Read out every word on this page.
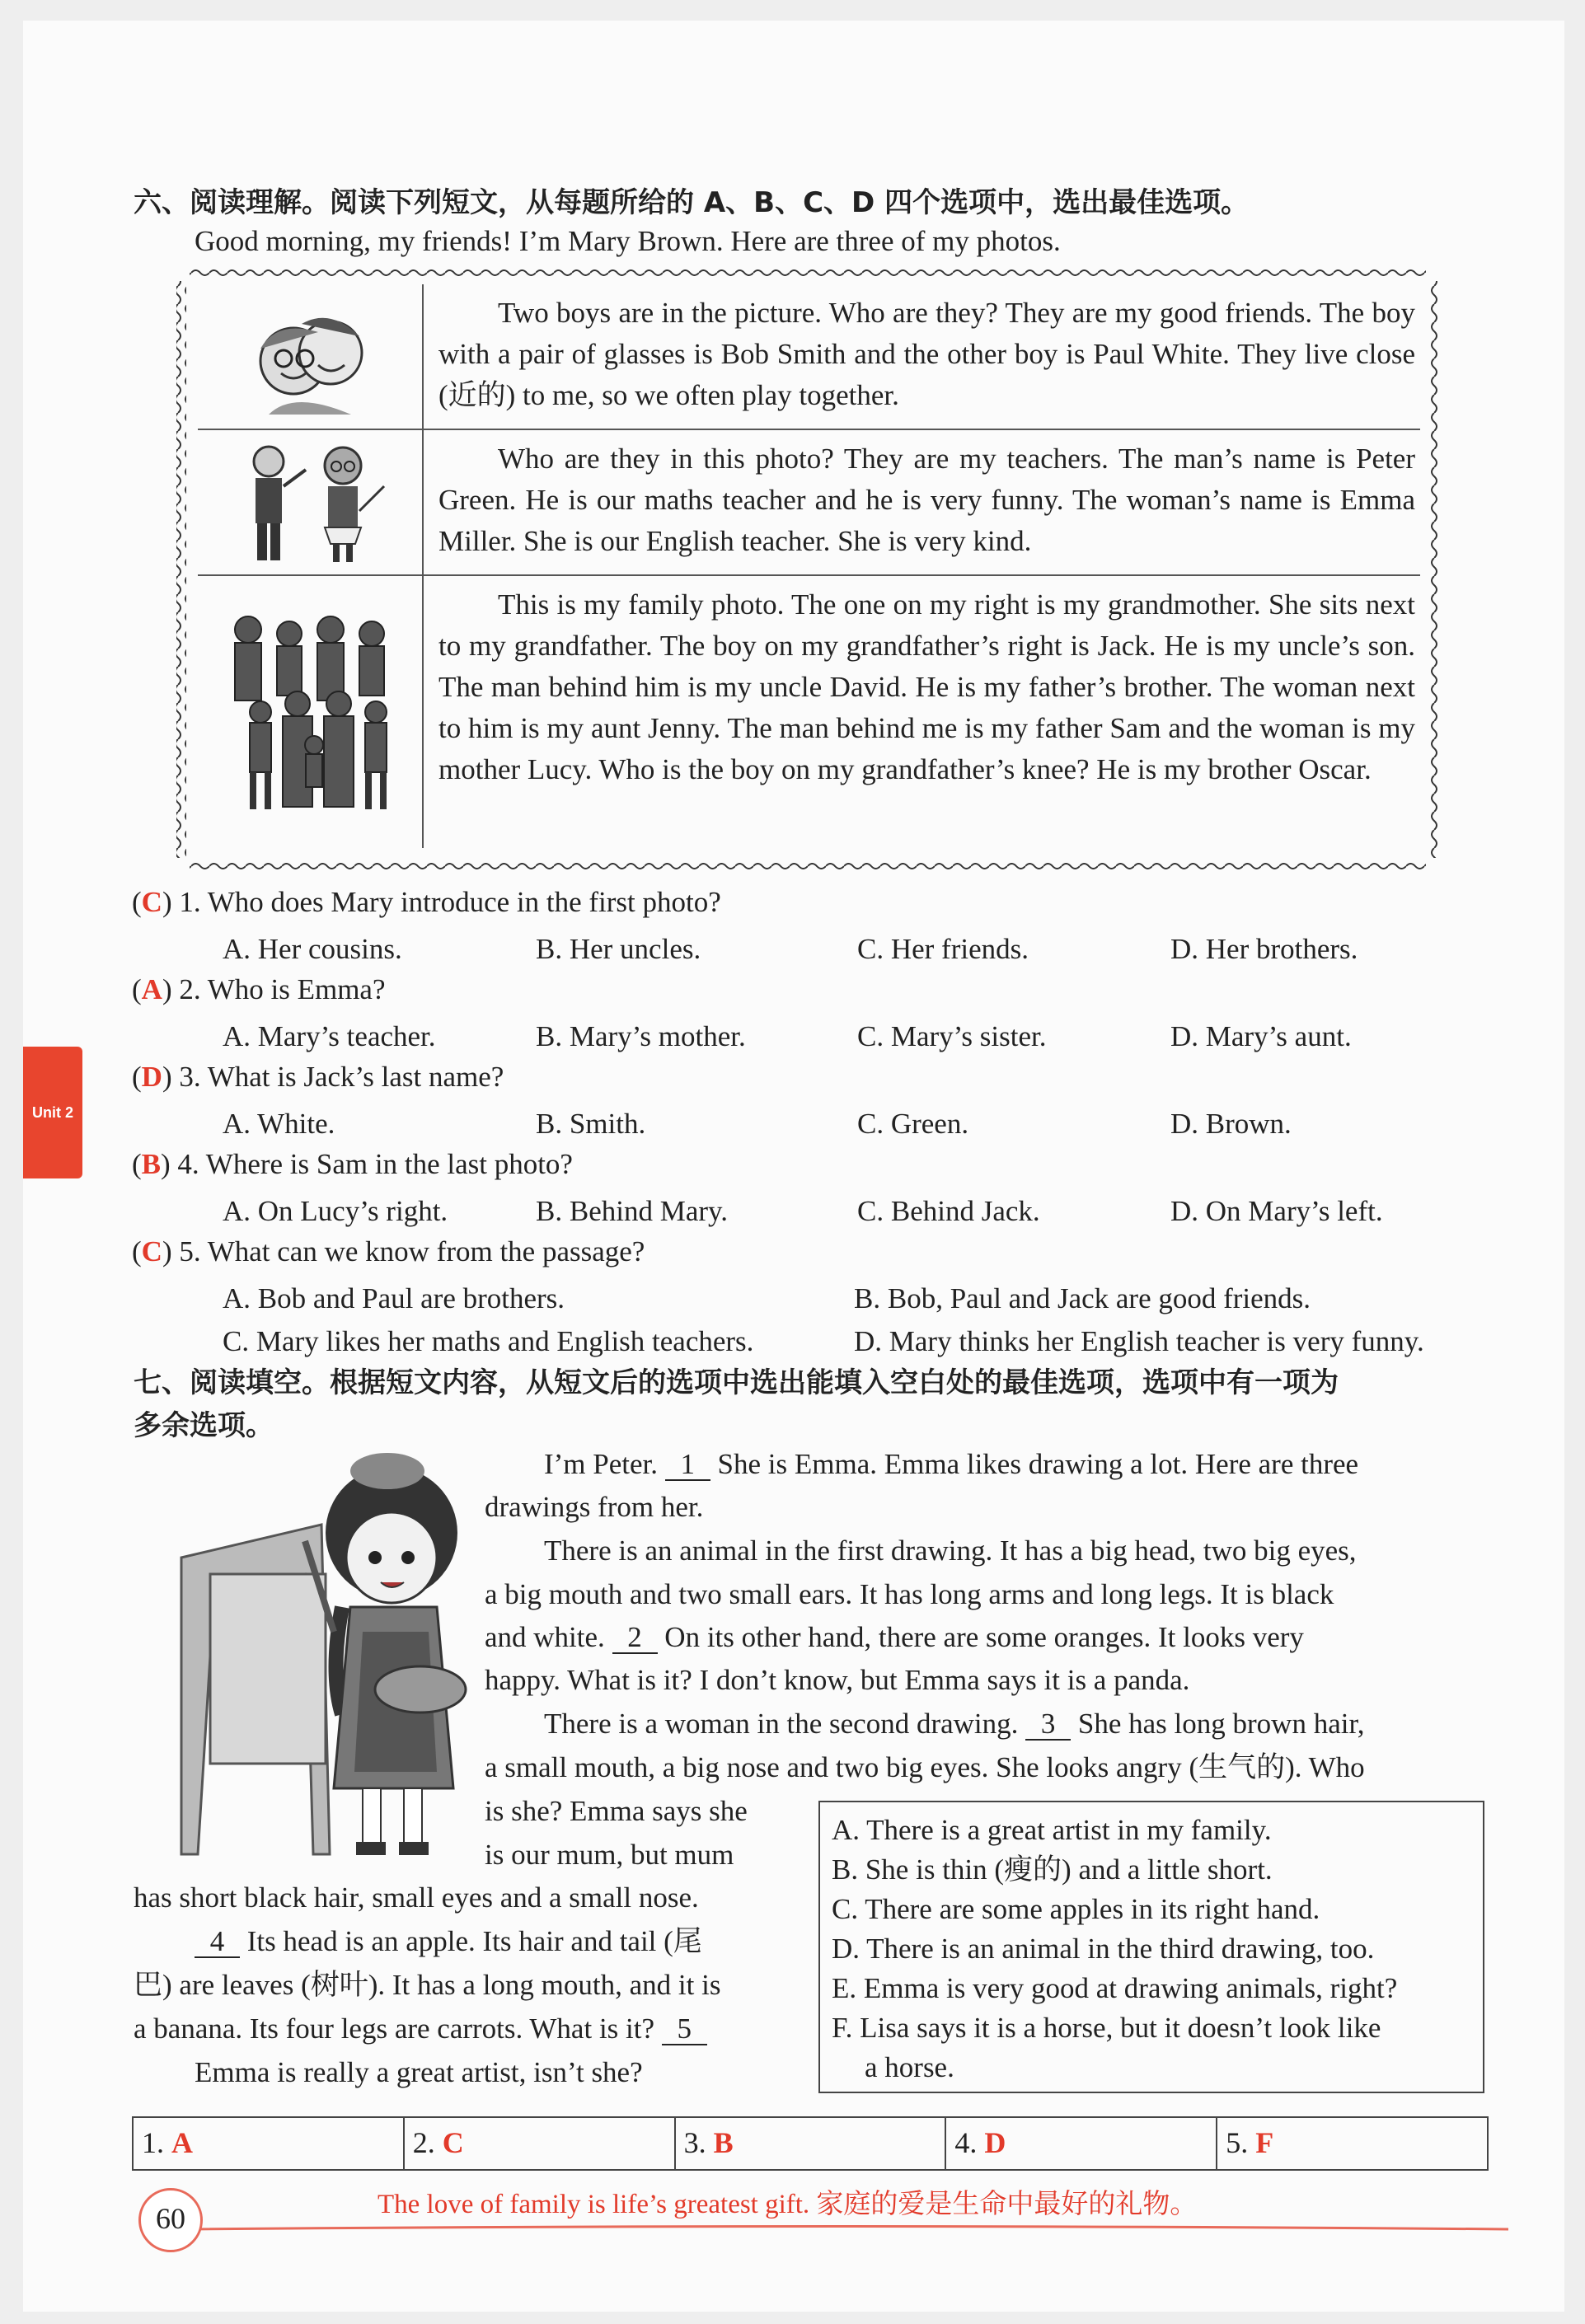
六、阅读理解。阅读下列短文，从每题所给的 A、B、C、D 四个选项中，选出最佳选项。
Good morning, my friends! I’m Mary Brown. Here are three of my photos.
Two boys are in the picture. Who are they? They are my good friends. The boy with a pair of glasses is Bob Smith and the other boy is Paul White. They live close (近的) to me, so we often play together.
Who are they in this photo? They are my teachers. The man’s name is Peter Green. He is our maths teacher and he is very funny. The woman’s name is Emma Miller. She is our English teacher. She is very kind.
This is my family photo. The one on my right is my grandmother. She sits next to my grandfather. The boy on my grandfather’s right is Jack. He is my uncle’s son. The man behind him is my uncle David. He is my father’s brother. The woman next to him is my aunt Jenny. The man behind me is my father Sam and the woman is my mother Lucy. Who is the boy on my grandfather’s knee? He is my brother Oscar.
(C) 1. Who does Mary introduce in the first photo?
A. Her cousins.	B. Her uncles.	C. Her friends.	D. Her brothers.
(A) 2. Who is Emma?
A. Mary’s teacher.	B. Mary’s mother.	C. Mary’s sister.	D. Mary’s aunt.
(D) 3. What is Jack’s last name?
A. White.	B. Smith.	C. Green.	D. Brown.
(B) 4. Where is Sam in the last photo?
A. On Lucy’s right.	B. Behind Mary.	C. Behind Jack.	D. On Mary’s left.
(C) 5. What can we know from the passage?
A. Bob and Paul are brothers.	B. Bob, Paul and Jack are good friends.
C. Mary likes her maths and English teachers.	D. Mary thinks her English teacher is very funny.
七、阅读填空。根据短文内容，从短文后的选项中选出能填入空白处的最佳选项，选项中有一项为
多余选项。
I’m Peter. 1 She is Emma. Emma likes drawing a lot. Here are three
drawings from her.
There is an animal in the first drawing. It has a big head, two big eyes,
a big mouth and two small ears. It has long arms and long legs. It is black
and white. 2 On its other hand, there are some oranges. It looks very
happy. What is it? I don’t know, but Emma says it is a panda.
There is a woman in the second drawing. 3 She has long brown hair,
a small mouth, a big nose and two big eyes. She looks angry (生气的). Who
is she? Emma says she
is our mum, but mum
has short black hair, small eyes and a small nose.
4 Its head is an apple. Its hair and tail (尾
巴) are leaves (树叶). It has a long mouth, and it is
a banana. Its four legs are carrots. What is it? 5
Emma is really a great artist, isn’t she?
A. There is a great artist in my family.
B. She is thin (瘦的) and a little short.
C. There are some apples in its right hand.
D. There is an animal in the third drawing, too.
E. Emma is very good at drawing animals, right?
F. Lisa says it is a horse, but it doesn’t look like
a horse.
1. A	2. C	3. B	4. D	5. F
Unit 2
The love of family is life’s greatest gift. 家庭的爱是生命中最好的礼物。
60
